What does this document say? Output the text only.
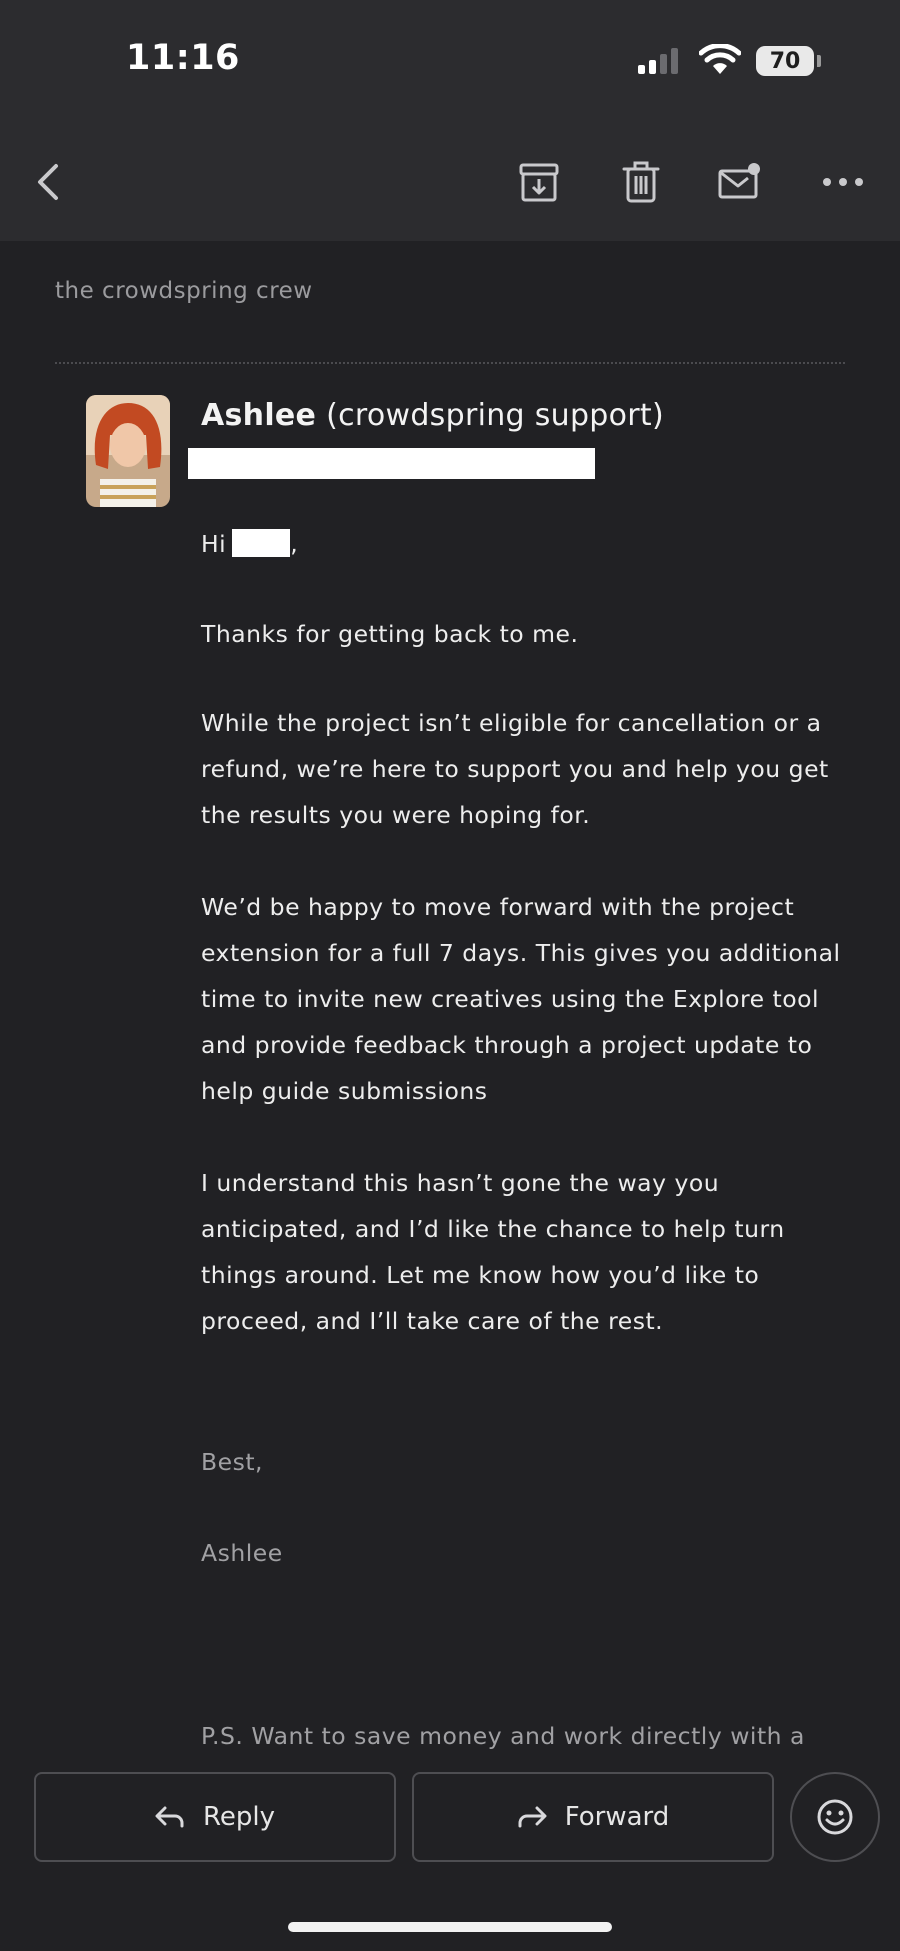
11:16	70
the crowdspring crew
Ashlee (crowdspring support)
Hi	,
Thanks for getting back to me.
While the project isn’t eligible for cancellation or a refund, we’re here to support you and help you get the results you were hoping for.
We’d be happy to move forward with the project extension for a full 7 days. This gives you additional time to invite new creatives using the Explore tool and provide feedback through a project update to help guide submissions
I understand this hasn’t gone the way you anticipated, and I’d like the chance to help turn things around. Let me know how you’d like to proceed, and I’ll take care of the rest.
Best,
Ashlee
P.S. Want to save money and work directly with a
Reply	Forward
